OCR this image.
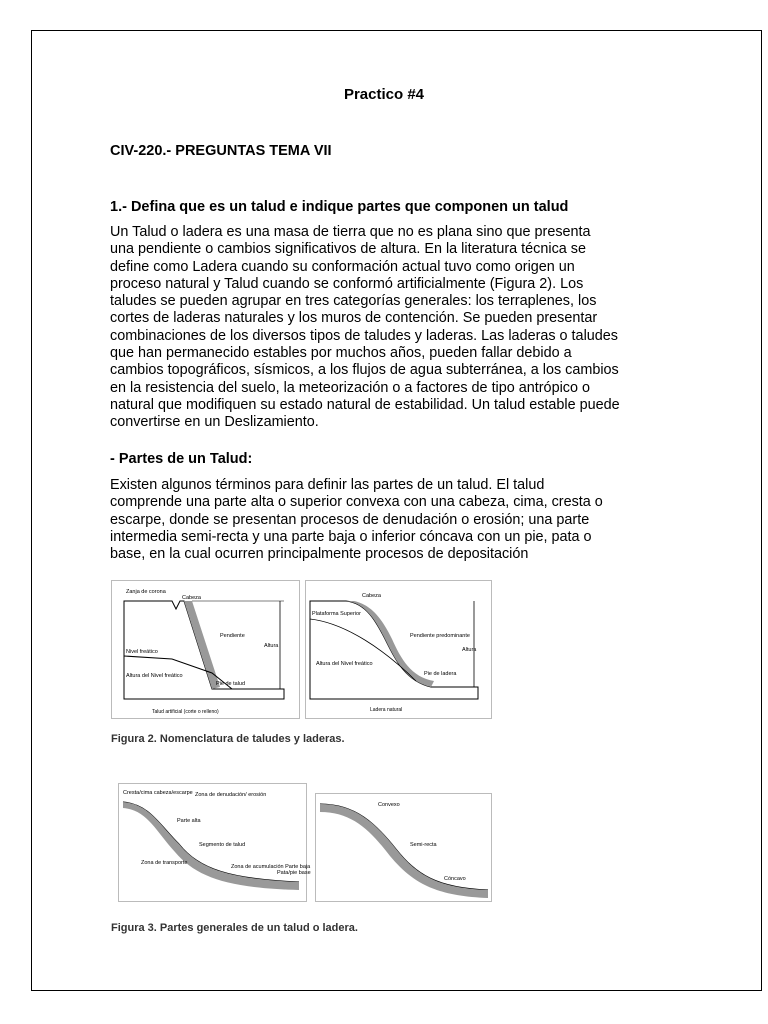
Practico #4
CIV-220.- PREGUNTAS TEMA VII
1.- Defina que es un talud e indique partes que componen un talud
Un Talud o ladera es una masa de tierra que no es plana sino que presenta
una pendiente o cambios significativos de altura. En la literatura técnica se
define como Ladera cuando su conformación actual tuvo como origen un
proceso natural y Talud cuando se conformó artificialmente (Figura 2). Los
taludes se pueden agrupar en tres categorías generales: los terraplenes, los
cortes de laderas naturales y los muros de contención. Se pueden presentar
combinaciones de los diversos tipos de taludes y laderas. Las laderas o taludes
que han permanecido estables por muchos años, pueden fallar debido a
cambios topográficos, sísmicos, a los flujos de agua subterránea, a los cambios
en la resistencia del suelo, la meteorización o a factores de tipo antrópico o
natural que modifiquen su estado natural de estabilidad. Un talud estable puede
convertirse en un Deslizamiento.
- Partes de un Talud:
Existen algunos términos para definir las partes de un talud. El talud
comprende una parte alta o superior convexa con una cabeza, cima, cresta o
escarpe, donde se presentan procesos de denudación o erosión; una parte
intermedia semi-recta y una parte baja o inferior cóncava con un pie, pata o
base, en la cual ocurren principalmente procesos de depositación
Zanja de corona
Cabeza
Pendiente
Altura
Nivel freático
Altura del Nivel freático
Pie de talud
Talud artificial (corte o relleno)
Cabeza
Plataforma Superior
Pendiente predominante
Altura
Altura del Nivel freático
Pie de ladera
Ladera natural
Figura 2. Nomenclatura de taludes y laderas.
Cresta/cima cabeza/escarpe Zona de denudación/ erosión
Parte alta
Segmento de talud
Zona de transporte
Zona de acumulación Parte baja
Pata/pie base
Convexo
Semi-recta
Cóncavo
Figura 3. Partes generales de un talud o ladera.
